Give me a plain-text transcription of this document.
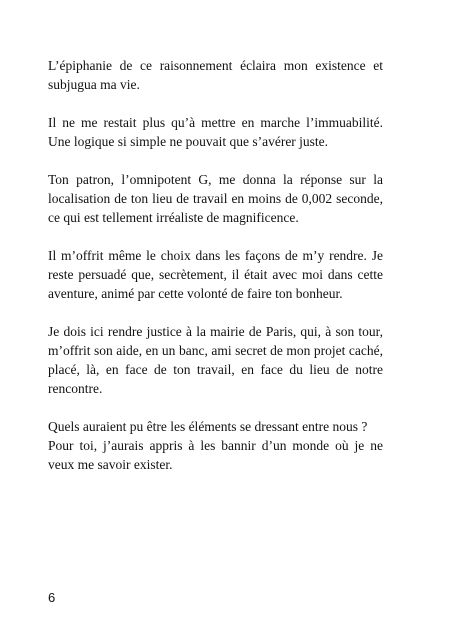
L’épiphanie de ce raisonnement éclaira mon existence et subjugua ma vie.

Il ne me restait plus qu’à mettre en marche l’immuabilité. Une logique si simple ne pouvait que s’avérer juste.

Ton patron, l’omnipotent G, me donna la réponse sur la localisation de ton lieu de travail en moins de 0,002 seconde, ce qui est tellement irréaliste de magnificence.

Il m’offrit même le choix dans les façons de m’y rendre. Je reste persuadé que, secrètement, il était avec moi dans cette aventure, animé par cette volonté de faire ton bonheur.

Je dois ici rendre justice à la mairie de Paris, qui, à son tour, m’offrit son aide, en un banc, ami secret de mon projet caché, placé, là, en face de ton travail, en face du lieu de notre rencontre.

Quels auraient pu être les éléments se dressant entre nous ?
Pour toi, j’aurais appris à les bannir d’un monde où je ne veux me savoir exister.

6
